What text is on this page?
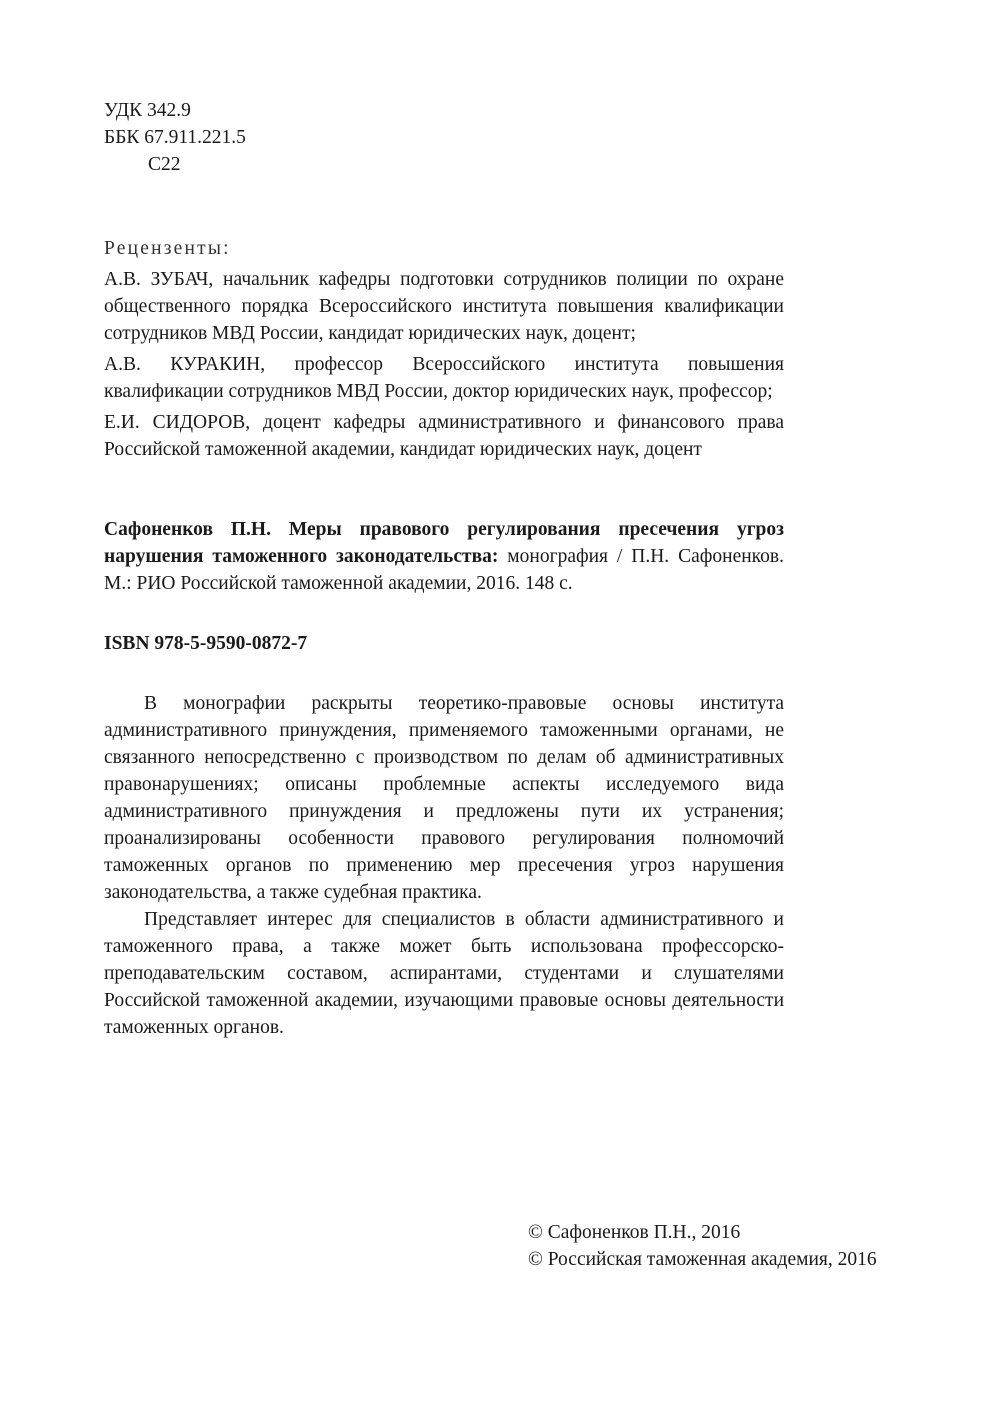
УДК 342.9
ББК 67.911.221.5
С22
Рецензенты:
А.В. ЗУБАЧ, начальник кафедры подготовки сотрудников полиции по охране общественного порядка Всероссийского института повышения квалификации сотрудников МВД России, кандидат юридических наук, доцент;
А.В. КУРАКИН, профессор Всероссийского института повышения квалификации сотрудников МВД России, доктор юридических наук, профессор;
Е.И. СИДОРОВ, доцент кафедры административного и финансового права Российской таможенной академии, кандидат юридических наук, доцент
Сафоненков П.Н. Меры правового регулирования пресечения угроз нарушения таможенного законодательства: монография / П.Н. Сафоненков. М.: РИО Российской таможенной академии, 2016. 148 с.
ISBN 978-5-9590-0872-7

В монографии раскрыты теоретико-правовые основы института административного принуждения, применяемого таможенными органами, не связанного непосредственно с производством по делам об административных правонарушениях; описаны проблемные аспекты исследуемого вида административного принуждения и предложены пути их устранения; проанализированы особенности правового регулирования полномочий таможенных органов по применению мер пресечения угроз нарушения законодательства, а также судебная практика.

Представляет интерес для специалистов в области административного и таможенного права, а также может быть использована профессорско-преподавательским составом, аспирантами, студентами и слушателями Российской таможенной академии, изучающими правовые основы деятельности таможенных органов.

© Сафоненков П.Н., 2016
© Российская таможенная академия, 2016
